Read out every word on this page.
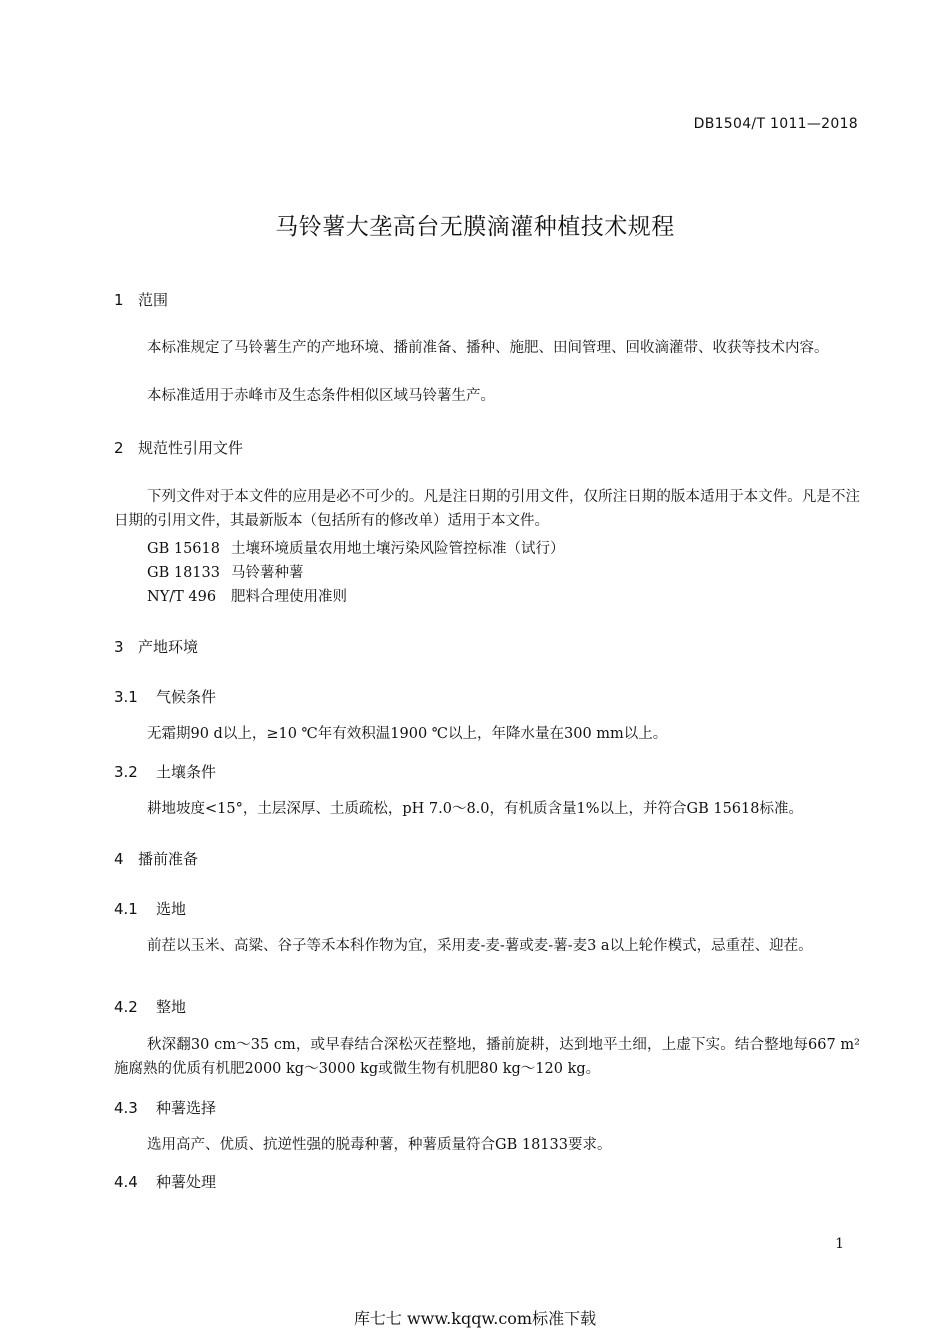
DB1504/T 1011—2018
马铃薯大垄高台无膜滴灌种植技术规程
1 范围
本标准规定了马铃薯生产的产地环境、播前准备、播种、施肥、田间管理、回收滴灌带、收获等技术内容。
本标准适用于赤峰市及生态条件相似区域马铃薯生产。
2 规范性引用文件
下列文件对于本文件的应用是必不可少的。凡是注日期的引用文件，仅所注日期的版本适用于本文件。凡是不注日期的引用文件，其最新版本（包括所有的修改单）适用于本文件。
GB 15618 土壤环境质量农用地土壤污染风险管控标准（试行）
GB 18133 马铃薯种薯
NY/T 496 肥料合理使用准则
3 产地环境
3.1 气候条件
无霜期90 d以上，≥10 ℃年有效积温1900 ℃以上，年降水量在300 mm以上。
3.2 土壤条件
耕地坡度<15°，土层深厚、土质疏松，pH 7.0～8.0，有机质含量1%以上，并符合GB 15618标准。
4 播前准备
4.1 选地
前茬以玉米、高粱、谷子等禾本科作物为宜，采用麦-麦-薯或麦-薯-麦3 a以上轮作模式，忌重茬、迎茬。
4.2 整地
秋深翻30 cm～35 cm，或早春结合深松灭茬整地，播前旋耕，达到地平土细，上虚下实。结合整地每667 m²施腐熟的优质有机肥2000 kg～3000 kg或微生物有机肥80 kg～120 kg。
4.3 种薯选择
选用高产、优质、抗逆性强的脱毒种薯，种薯质量符合GB 18133要求。
4.4 种薯处理
1
库七七 www.kqqw.com标准下载
